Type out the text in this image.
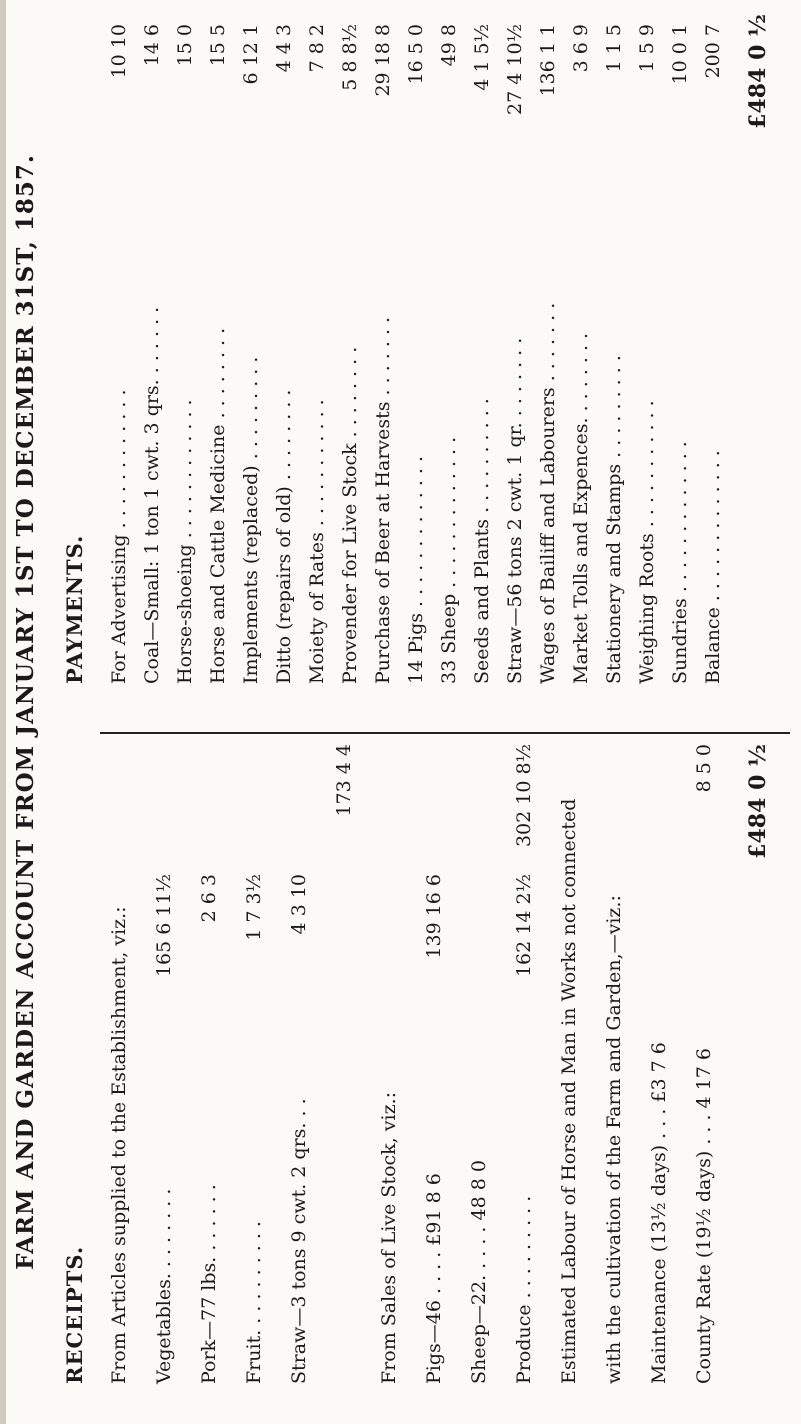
FARM AND GARDEN ACCOUNT FROM JANUARY 1ST TO DECEMBER 31ST, 1857.
RECEIPTS. From Articles supplied to the Establishment, viz.: Vegetables. . . . . . . .
165 6 11½
Pork—77 lbs. . . . . . .
2 6 3
Fruit. . . . . . . . . .
1 7 3½
Straw—3 tons 9 cwt. 2 qrs. . .
4 3 10
173 4 4
From Sales of Live Stock, viz.: Pigs—46 . . . . £91 8 6
139 16 6
Sheep—22. . . . . 48 8 0 Produce . . . . . . . . .
162 14 2½
302 10 8½
Estimated Labour of Horse and Man in Works not connected with the cultivation of the Farm and Garden,—viz.: Maintenance (13½ days) . . . £3 7 6 County Rate (19½ days) . . . 4 17 6
8 5 0 £484 0 ½
PAYMENTS. For Advertising . . . . . . . . . . . .
10 10
Coal—Small: 1 ton 1 cwt. 3 qrs. . . . . . .
14 6
Horse-shoeing . . . . . . . . . . . .
15 0
Horse and Cattle Medicine . . . . . . . .
15 5
Implements (replaced) . . . . . . . . .
6 12 1
Ditto (repairs of old) . . . . . . . .
4 4 3
Moiety of Rates . . . . . . . . . . .
7 8 2
Provender for Live Stock . . . . . . . .
5 8 8½
Purchase of Beer at Harvests . . . . . . .
29 18 8
14 Pigs . . . . . . . . . . . . .
16 5 0
33 Sheep . . . . . . . . . . . . .
49 8
Seeds and Plants . . . . . . . . . .
4 1 5½
Straw—56 tons 2 cwt. 1 qr. . . . . . . .
27 4 10½
Wages of Bailiff and Labourers . . . . . . .
136 1 1
Market Tolls and Expences. . . . . . . .
3 6 9
Stationery and Stamps . . . . . . . . .
1 1 5
Weighing Roots . . . . . . . . . . .
1 5 9
Sundries . . . . . . . . . . . . .
10 0 1
Balance . . . . . . . . . . . . .
200 7 £484 0 ½
